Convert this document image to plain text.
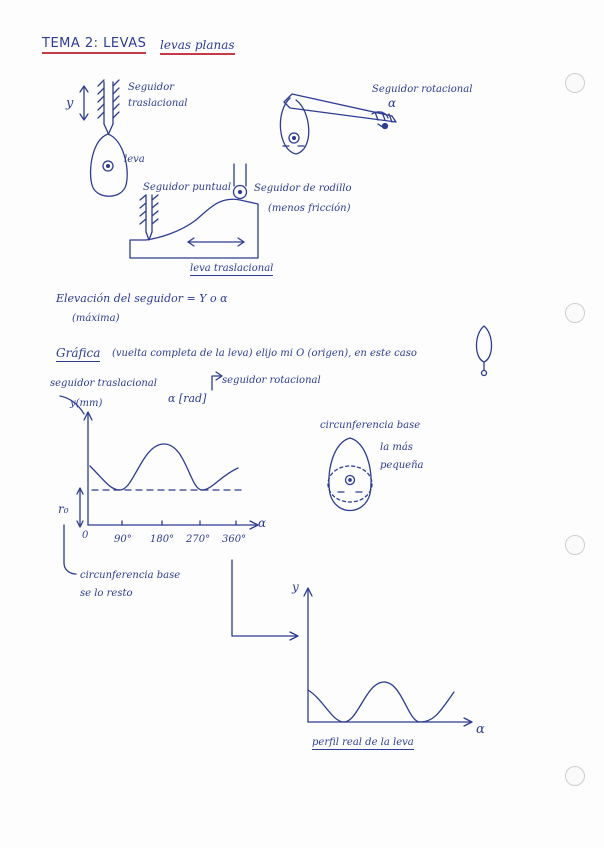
TEMA 2: LEVAS levas planas
y
Seguidor
traslacional
leva
Seguidor rotacional
α
Seguidor puntual Seguidor de rodillo
(menos fricción)
leva traslacional
Elevación del seguidor = Y o α
(máxima)
Gráfica (vuelta completa de la leva) elijo mi O (origen), en este caso
seguidor traslacional	seguidor rotacional
y(mm)	α [rad]
α
0
r₀
90° 180° 270° 360°
circunferencia base
se lo resto
circunferencia base
la más
pequeña
y
α
perfil real de la leva
